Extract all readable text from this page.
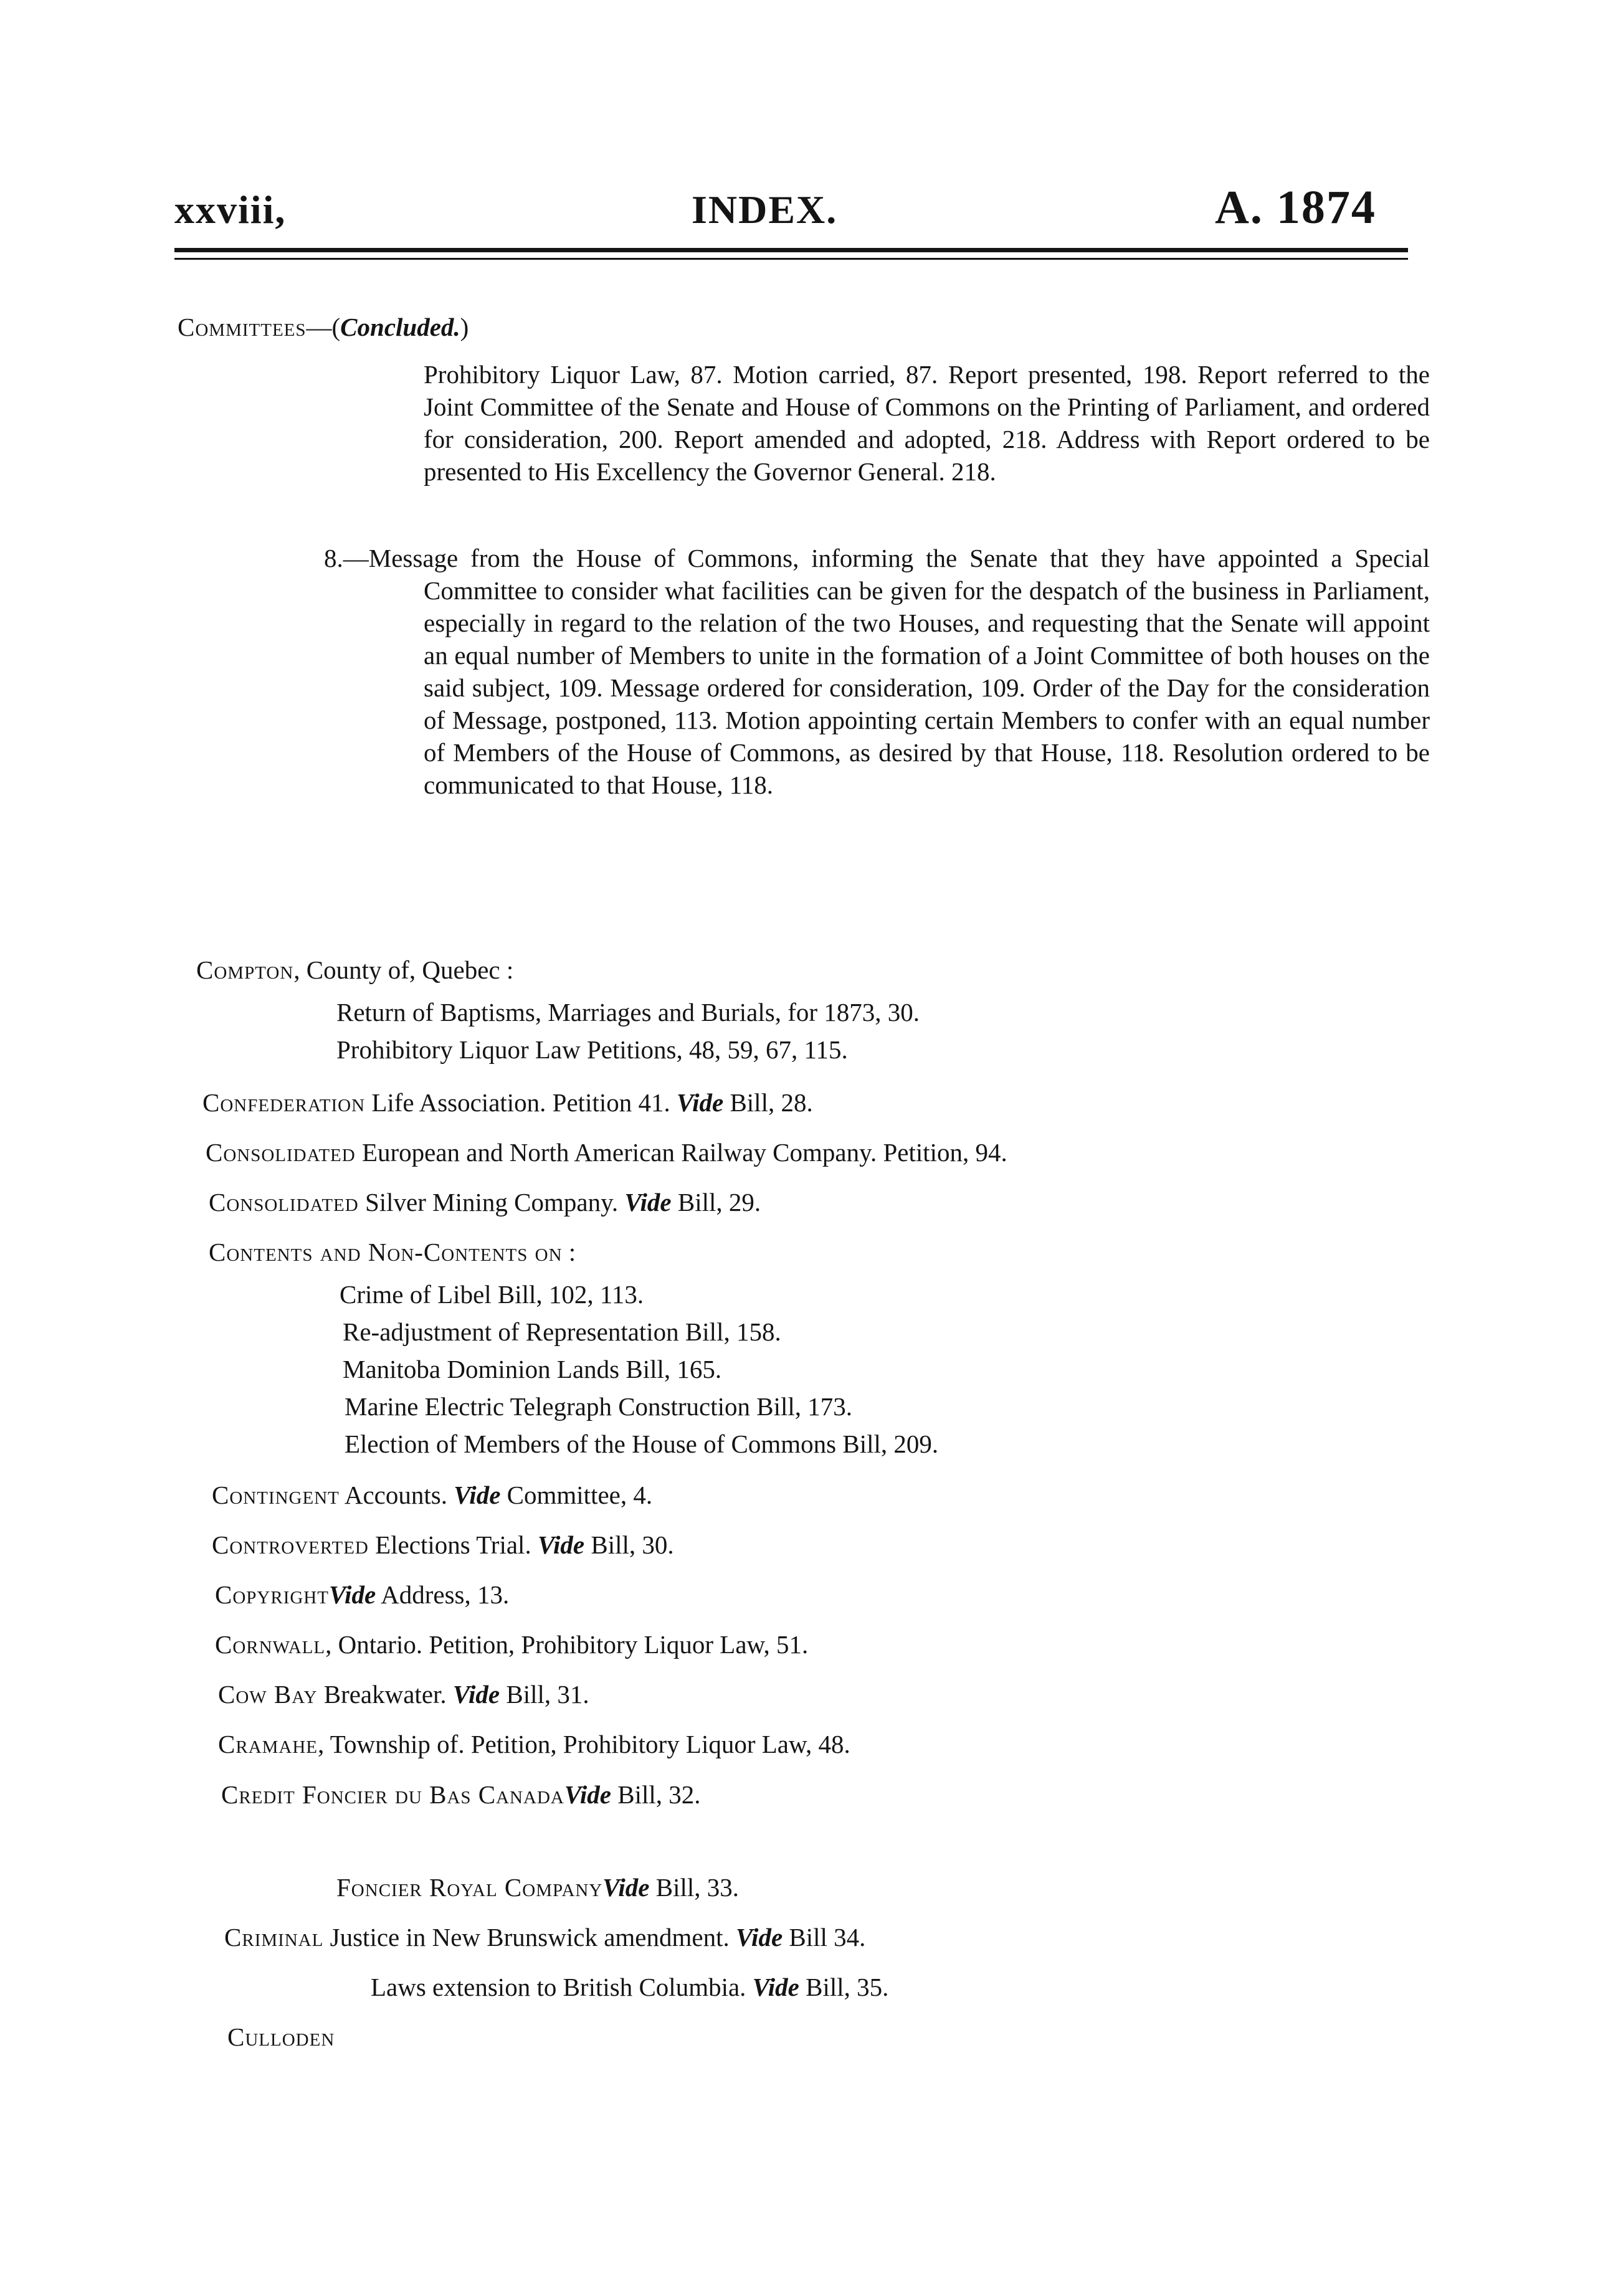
xxviii,	INDEX.	A. 1874
Committees—(Concluded.)
Prohibitory Liquor Law, 87. Motion carried, 87. Report presented, 198. Report referred to the Joint Committee of the Senate and House of Commons on the Printing of Parliament, and ordered for consideration, 200. Report amended and adopted, 218. Address with Report ordered to be presented to His Excellency the Governor General. 218.
8.—Message from the House of Commons, informing the Senate that they have appointed a Special Committee to consider what facilities can be given for the despatch of the business in Parliament, especially in regard to the relation of the two Houses, and requesting that the Senate will appoint an equal number of Members to unite in the formation of a Joint Committee of both houses on the said subject, 109. Message ordered for consideration, 109. Order of the Day for the consideration of Message, postponed, 113. Motion appointing certain Members to confer with an equal number of Members of the House of Commons, as desired by that House, 118. Resolution ordered to be communicated to that House, 118.
Compton, County of, Quebec :
Return of Baptisms, Marriages and Burials, for 1873, 30.
Prohibitory Liquor Law Petitions, 48, 59, 67, 115.
Confederation Life Association. Petition 41. Vide Bill, 28.
Consolidated European and North American Railway Company. Petition, 94.
Consolidated Silver Mining Company. Vide Bill, 29.
Contents and Non-Contents on :
Crime of Libel Bill, 102, 113.
Re-adjustment of Representation Bill, 158.
Manitoba Dominion Lands Bill, 165.
Marine Electric Telegraph Construction Bill, 173.
Election of Members of the House of Commons Bill, 209.
Contingent Accounts. Vide Committee, 4.
Controverted Elections Trial. Vide Bill, 30.
CopyrightVide Address, 13.
Cornwall, Ontario. Petition, Prohibitory Liquor Law, 51.
Cow Bay Breakwater. Vide Bill, 31.
Cramahe, Township of. Petition, Prohibitory Liquor Law, 48.
Credit Foncier du Bas CanadaVide Bill, 32.
Foncier Royal CompanyVide Bill, 33.
Criminal Justice in New Brunswick amendment. Vide Bill 34.
Laws extension to British Columbia. Vide Bill, 35.
Culloden
